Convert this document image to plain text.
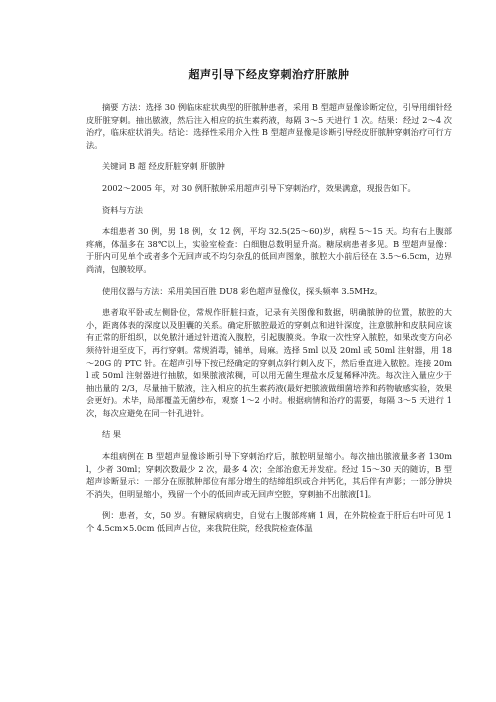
超声引导下经皮穿刺治疗肝脓肿

摘要 方法：选择 30 例临床症状典型的肝脓肿患者，采用 B 型超声显像诊断定位，引导用细针经皮肝脏穿刺。抽出脓液，然后注入相应的抗生素药液，每隔 3～5 天进行 1 次。结果：经过 2～4 次治疗，临床症状消失。结论：选择性采用介入性 B 型超声显像是诊断引导经皮肝脓肿穿刺治疗可行方法。

关键词 B 超 经皮肝脏穿刺 肝脓肿

2002～2005 年，对 30 例肝脓肿采用超声引导下穿刺治疗，效果满意，现报告如下。

资料与方法

本组患者 30 例，男 18 例，女 12 例，平均 32.5(25～60)岁，病程 5～15 天。均有右上腹部疼痛，体温多在 38℃以上，实验室检查：白细胞总数明显升高。糖尿病患者多见。B 型超声显像：于肝内可见单个或者多个无回声或不均匀杂乱的低回声图象，脓腔大小前后径在 3.5～6.5cm，边界尚清，包膜较厚。

使用仪器与方法：采用美国百胜 DU8 彩色超声显像仪，探头频率 3.5MHz。

患者取平卧或左侧卧位，常规作肝脏扫查，记录有关图像和数据，明确脓肿的位置，脓腔的大小，距离体表的深度以及胆囊的关系。确定肝脓腔最近的穿刺点和进针深度，注意脓肿和皮肤间应该有正常的肝组织，以免脓汁通过针道流入腹腔，引起腹膜炎。争取一次性穿入脓腔，如果改变方向必须待针退至皮下，再行穿刺。常规消毒，铺单，局麻。选择 5ml 以及 20ml 或 50ml 注射器，用 18～20G 的 PTC 针。在超声引导下按已经确定的穿刺点斜行刺入皮下，然后垂直进入脓腔。连接 20ml 或 50ml 注射器进行抽脓，如果脓液浓稠，可以用无菌生理盐水反复稀释冲洗。每次注入量应少于抽出量的 2/3，尽量抽干脓液，注入相应的抗生素药液(最好把脓液做细菌培养和药物敏感实验，效果会更好)。术毕，局部覆盖无菌纱布，观察 1～2 小时。根据病情和治疗的需要，每隔 3～5 天进行 1 次，每次应避免在同一针孔进针。

结 果

本组病例在 B 型超声显像诊断引导下穿刺治疗后，脓腔明显缩小。每次抽出脓液量多者 130ml，少者 30ml；穿刺次数最少 2 次，最多 4 次；全部治愈无并发症。经过 15～30 天的随访，B 型超声诊断显示：一部分在原脓肿部位有部分增生的结缔组织或合并钙化，其后伴有声影；一部分肿块不消失，但明显缩小，残留一个小的低回声或无回声空腔，穿刺抽不出脓液[1]。

例：患者，女，50 岁。有糖尿病病史，自觉右上腹部疼痛 1 周，在外院检查于肝后右叶可见 1 个 4.5cm×5.0cm 低回声占位，来我院住院，经我院检查体温
